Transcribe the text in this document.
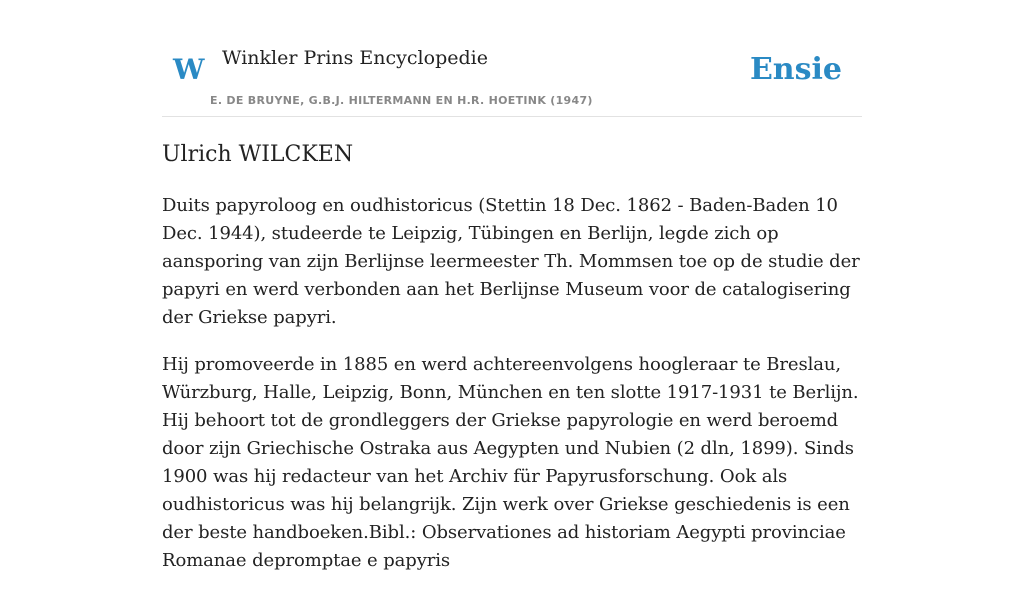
W Winkler Prins Encyclopedie
E. DE BRUYNE, G.B.J. HILTERMANN EN H.R. HOETINK (1947)
Ensie
Ulrich WILCKEN

Duits papyroloog en oudhistoricus (Stettin 18 Dec. 1862 - Baden-Baden 10 Dec. 1944), studeerde te Leipzig, Tübingen en Berlijn, legde zich op aansporing van zijn Berlijnse leermeester Th. Mommsen toe op de studie der papyri en werd verbonden aan het Berlijnse Museum voor de catalogisering der Griekse papyri.

Hij promoveerde in 1885 en werd achtereenvolgens hoogleraar te Breslau, Würzburg, Halle, Leipzig, Bonn, München en ten slotte 1917-1931 te Berlijn. Hij behoort tot de grondleggers der Griekse papyrologie en werd beroemd door zijn Griechische Ostraka aus Aegypten und Nubien (2 dln, 1899). Sinds 1900 was hij redacteur van het Archiv für Papyrusforschung. Ook als oudhistoricus was hij belangrijk. Zijn werk over Griekse geschiedenis is een der beste handboeken.Bibl.: Observationes ad historiam Aegypti provinciae Romanae depromptae e papyris
